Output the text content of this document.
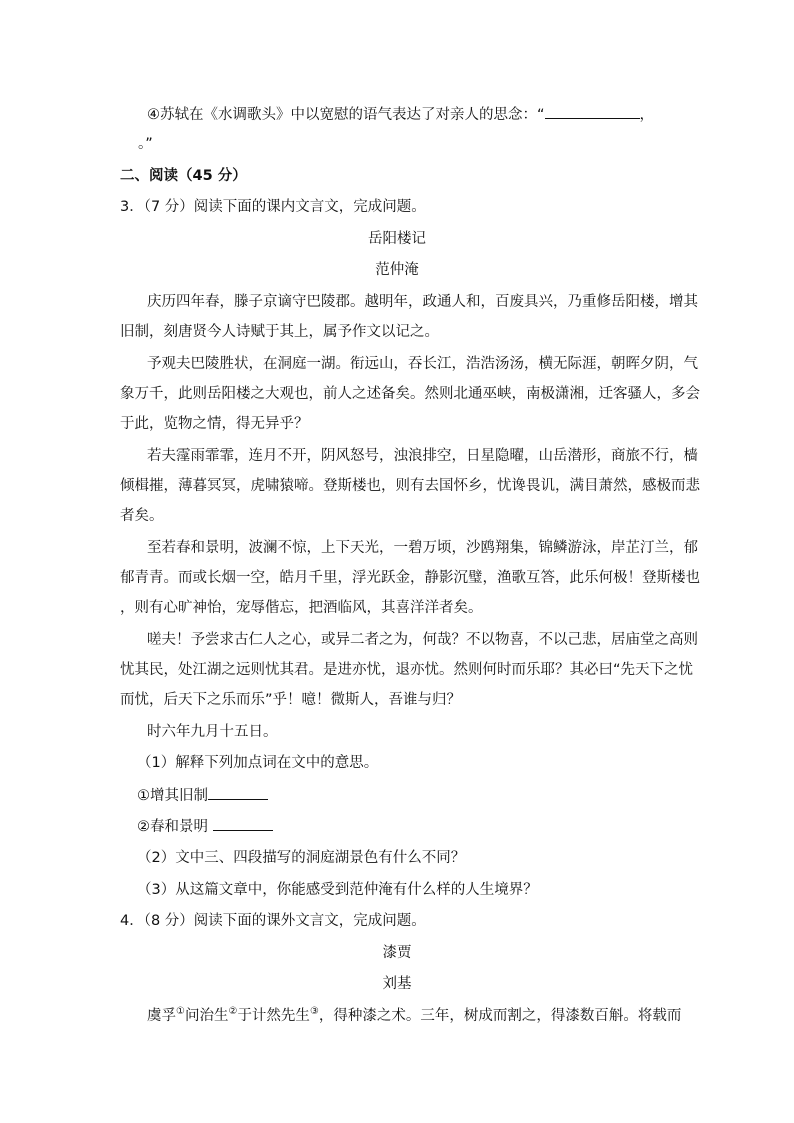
④苏轼在《水调歌头》中以宽慰的语气表达了对亲人的思念：“	，
。”
二、阅读（45 分）
3．（7 分）阅读下面的课内文言文，完成问题。
岳阳楼记
范仲淹
庆历四年春，滕子京谪守巴陵郡。越明年，政通人和，百废具兴，乃重修岳阳楼，增其
旧制，刻唐贤今人诗赋于其上，属予作文以记之。
予观夫巴陵胜状，在洞庭一湖。衔远山，吞长江，浩浩汤汤，横无际涯，朝晖夕阴，气
象万千，此则岳阳楼之大观也，前人之述备矣。然则北通巫峡，南极潇湘，迁客骚人，多会
于此，览物之情，得无异乎？
若夫霪雨霏霏，连月不开，阴风怒号，浊浪排空，日星隐曜，山岳潜形，商旅不行，樯
倾楫摧，薄暮冥冥，虎啸猿啼。登斯楼也，则有去国怀乡，忧谗畏讥，满目萧然，感极而悲
者矣。
至若春和景明，波澜不惊，上下天光，一碧万顷，沙鸥翔集，锦鳞游泳，岸芷汀兰，郁
郁青青。而或长烟一空，皓月千里，浮光跃金，静影沉璧，渔歌互答，此乐何极！登斯楼也
，则有心旷神怡，宠辱偕忘，把酒临风，其喜洋洋者矣。
嗟夫！予尝求古仁人之心，或异二者之为，何哉？不以物喜，不以己悲，居庙堂之高则
忧其民，处江湖之远则忧其君。是进亦忧，退亦忧。然则何时而乐耶？其必曰“先天下之忧
而忧，后天下之乐而乐”乎！噫！微斯人，吾谁与归？
时六年九月十五日。
（1）解释下列加点词在文中的意思。
①增其旧制
②春和景明
（2）文中三、四段描写的洞庭湖景色有什么不同？
（3）从这篇文章中，你能感受到范仲淹有什么样的人生境界？
4．（8 分）阅读下面的课外文言文，完成问题。
漆贾
刘基
虞孚①问治生②于计然先生③，得种漆之术。三年，树成而割之，得漆数百斛。将载而
